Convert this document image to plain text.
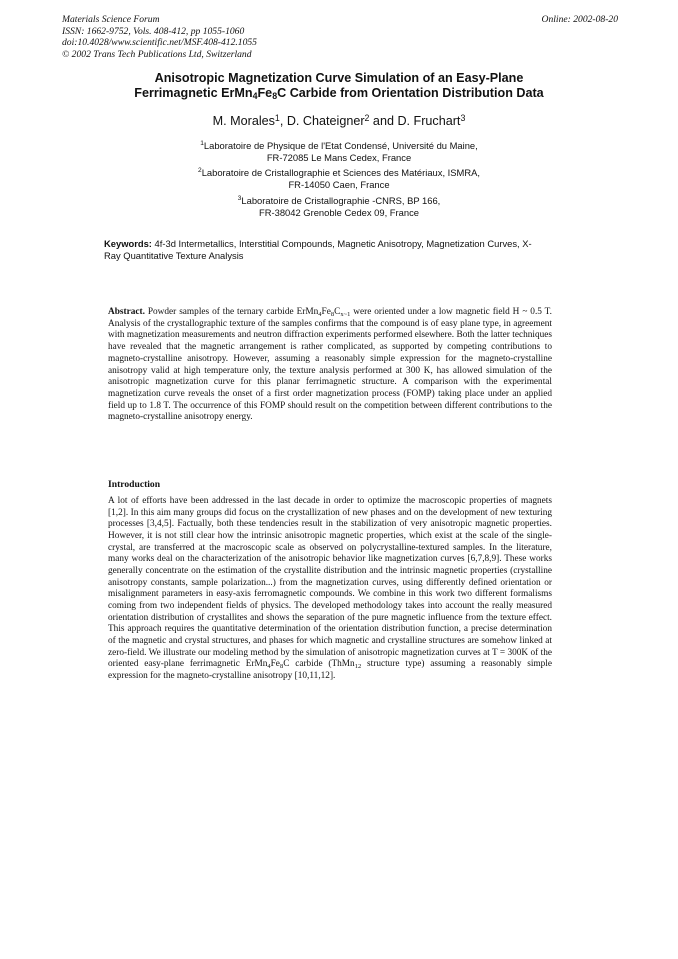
Materials Science Forum
ISSN: 1662-9752, Vols. 408-412, pp 1055-1060
doi:10.4028/www.scientific.net/MSF.408-412.1055
© 2002 Trans Tech Publications Ltd, Switzerland
Online: 2002-08-20
Anisotropic Magnetization Curve Simulation of an Easy-Plane
Ferrimagnetic $ErMn_4Fe_8C$ Carbide from Orientation Distribution Data
M. Morales$^1$, D. Chateigner$^2$ and D. Fruchart$^3$
$^1$Laboratoire de Physique de l'Etat Condensé, Université du Maine,
FR-72085 Le Mans Cedex, France
$^2$Laboratoire de Cristallographie et Sciences des Matériaux, ISMRA,
FR-14050 Caen, France
$^3$Laboratoire de Cristallographie -CNRS, BP 166,
FR-38042 Grenoble Cedex 09, France
Keywords: 4f-3d Intermetallics, Interstitial Compounds, Magnetic Anisotropy, Magnetization Curves, X-Ray Quantitative Texture Analysis
Abstract. Powder samples of the ternary carbide $ErMn_4Fe_8C_{x\sim 1}$ were oriented under a low magnetic field H ~ 0.5 T. Analysis of the crystallographic texture of the samples confirms that the compound is of easy plane type, in agreement with magnetization measurements and neutron diffraction experiments performed elsewhere. Both the latter techniques have revealed that the magnetic arrangement is rather complicated, as supported by competing contributions to magneto-crystalline anisotropy. However, assuming a reasonably simple expression for the magneto-crystalline anisotropy valid at high temperature only, the texture analysis performed at 300 K, has allowed simulation of the anisotropic magnetization curve for this planar ferrimagnetic structure. A comparison with the experimental magnetization curve reveals the onset of a first order magnetization process (FOMP) taking place under an applied field up to 1.8 T. The occurrence of this FOMP should result on the competition between different contributions to the magneto-crystalline anisotropy energy.
Introduction
A lot of efforts have been addressed in the last decade in order to optimize the macroscopic properties of magnets [1,2]. In this aim many groups did focus on the crystallization of new phases and on the development of new texturing processes [3,4,5]. Factually, both these tendencies result in the stabilization of very anisotropic magnetic properties. However, it is not still clear how the intrinsic anisotropic magnetic properties, which exist at the scale of the single-crystal, are transferred at the macroscopic scale as observed on polycrystalline-textured samples. In the literature, many works deal on the characterization of the anisotropic behavior like magnetization curves [6,7,8,9]. These works generally concentrate on the estimation of the crystallite distribution and the intrinsic magnetic properties (crystalline anisotropy constants, sample polarization...) from the magnetization curves, using differently defined orientation or misalignment parameters in easy-axis ferromagnetic compounds. We combine in this work two different formalisms coming from two independent fields of physics. The developed methodology takes into account the really measured orientation distribution of crystallites and shows the separation of the pure magnetic influence from the texture effect. This approach requires the quantitative determination of the orientation distribution function, a precise determination of the magnetic and crystal structures, and phases for which magnetic and crystalline structures are somehow linked at zero-field. We illustrate our modeling method by the simulation of anisotropic magnetization curves at T = 300K of the oriented easy-plane ferrimagnetic $ErMn_4Fe_8C$ carbide (ThMn$_{12}$ structure type) assuming a reasonably simple expression for the magneto-crystalline anisotropy [10,11,12].
